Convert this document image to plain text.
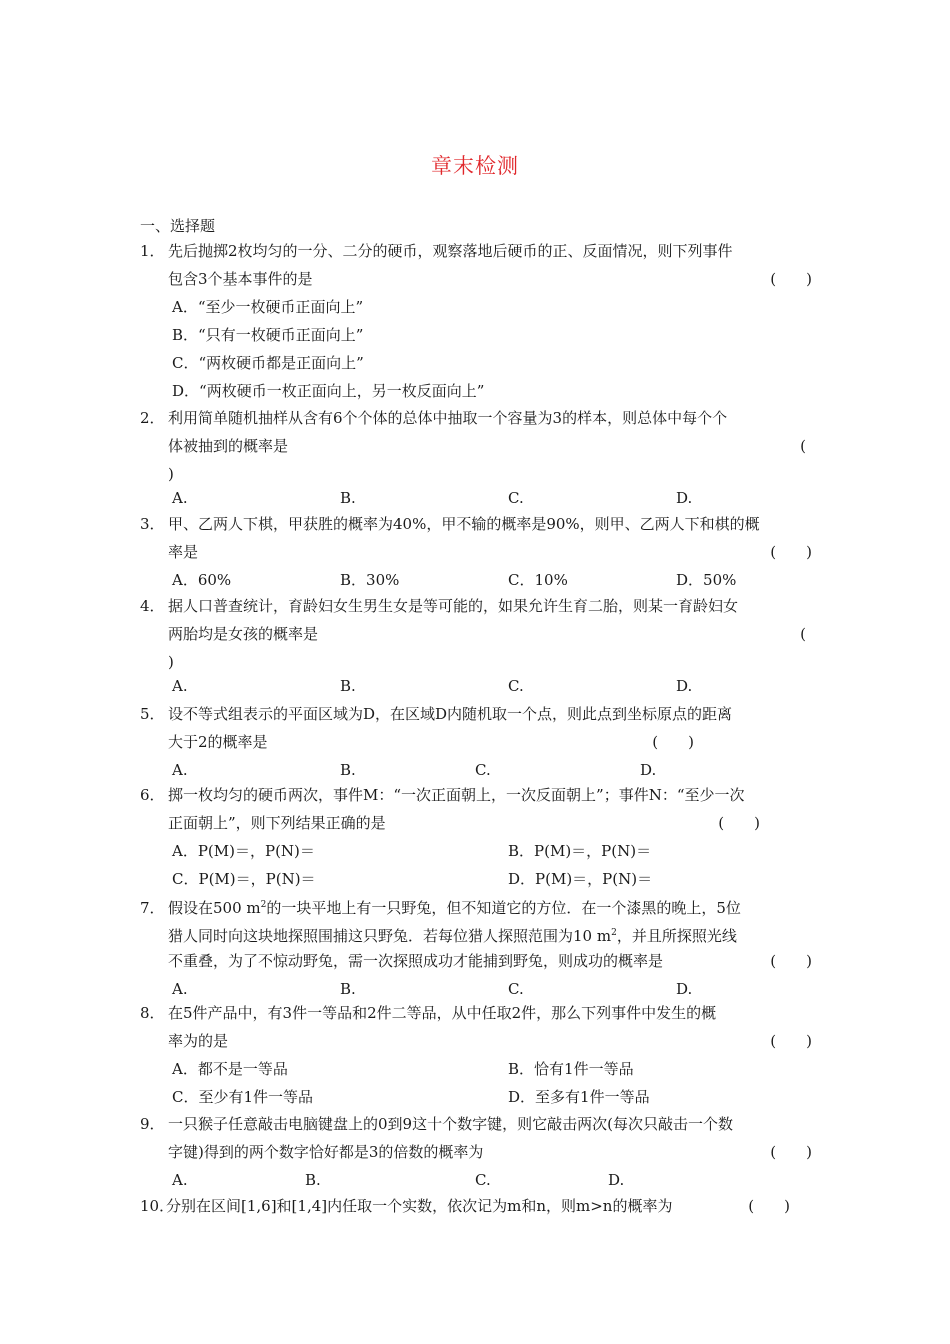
章末检测
一、选择题
1． 先后抛掷2枚均匀的一分、二分的硬币，观察落地后硬币的正、反面情况，则下列事件
包含3个基本事件的是	(　　)
A．“至少一枚硬币正面向上”
B．“只有一枚硬币正面向上”
C．“两枚硬币都是正面向上”
D．“两枚硬币一枚正面向上，另一枚反面向上”
2． 利用简单随机抽样从含有6个个体的总体中抽取一个容量为3的样本，则总体中每个个
体被抽到的概率是	(
)
A.	B.	C.	D.
3． 甲、乙两人下棋，甲获胜的概率为40%，甲不输的概率是90%，则甲、乙两人下和棋的概
率是	(　　)
A．60%	B．30%	C．10%	D．50%
4． 据人口普查统计，育龄妇女生男生女是等可能的，如果允许生育二胎，则某一育龄妇女
两胎均是女孩的概率是	(
)
A.	B.	C.	D.
5． 设不等式组表示的平面区域为D，在区域D内随机取一个点，则此点到坐标原点的距离
大于2的概率是	(　　)
A.	B.	C.	D.
6． 掷一枚均匀的硬币两次，事件M：“一次正面朝上，一次反面朝上”；事件N：“至少一次
正面朝上”，则下列结果正确的是	(　　)
A．P(M)＝，P(N)＝	B．P(M)＝，P(N)＝
C．P(M)＝，P(N)＝	D．P(M)＝，P(N)＝
7． 假设在500 $m^2$的一块平地上有一只野兔，但不知道它的方位．在一个漆黑的晚上，5位
猎人同时向这块地探照围捕这只野兔．若每位猎人探照范围为10 $m^2$，并且所探照光线
不重叠，为了不惊动野兔，需一次探照成功才能捕到野兔，则成功的概率是	(　　)
A.	B.	C.	D.
8． 在5件产品中，有3件一等品和2件二等品，从中任取2件，那么下列事件中发生的概
率为的是	(　　)
A．都不是一等品	B．恰有1件一等品
C．至少有1件一等品	D．至多有1件一等品
9． 一只猴子任意敲击电脑键盘上的0到9这十个数字键，则它敲击两次(每次只敲击一个数
字键)得到的两个数字恰好都是3的倍数的概率为	(　　)
A.	B.	C.	D.
10．分别在区间[1,6]和[1,4]内任取一个实数，依次记为m和n，则m>n的概率为	(　　)
